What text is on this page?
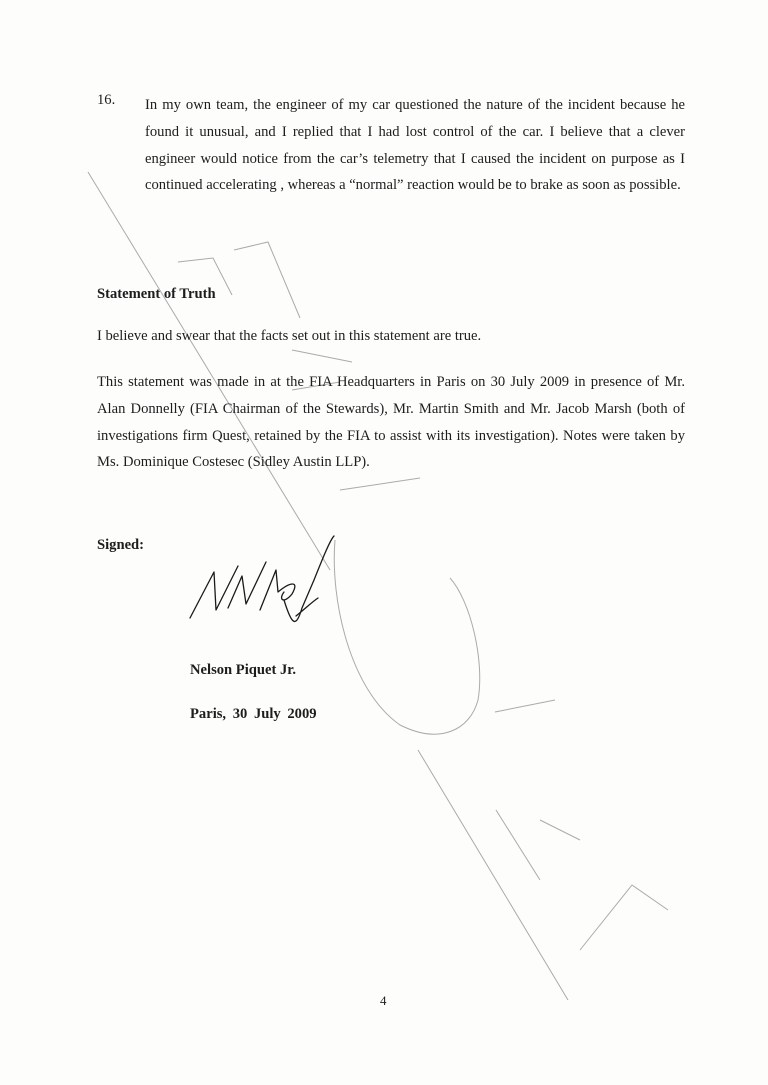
16. In my own team, the engineer of my car questioned the nature of the incident because he found it unusual, and I replied that I had lost control of the car. I believe that a clever engineer would notice from the car’s telemetry that I caused the incident on purpose as I continued accelerating , whereas a “normal” reaction would be to brake as soon as possible.
Statement of Truth
I believe and swear that the facts set out in this statement are true.
This statement was made in at the FIA Headquarters in Paris on 30 July 2009 in presence of Mr. Alan Donnelly (FIA Chairman of the Stewards), Mr. Martin Smith and Mr. Jacob Marsh (both of investigations firm Quest, retained by the FIA to assist with its investigation). Notes were taken by Ms. Dominique Costesec (Sidley Austin LLP).
Signed:
Nelson Piquet Jr.
Paris, 30 July 2009
4
